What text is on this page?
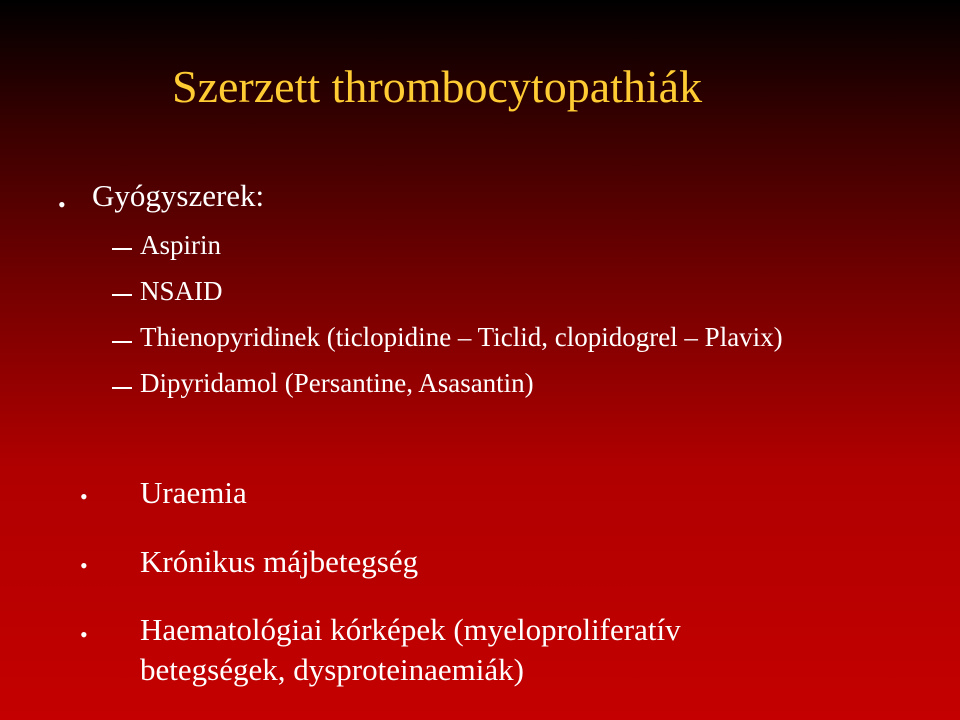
Szerzett thrombocytopathiák
• Gyógyszerek:
Aspirin
NSAID
Thienopyridinek (ticlopidine – Ticlid, clopidogrel – Plavix)
Dipyridamol (Persantine, Asasantin)
• Uraemia
• Krónikus májbetegség
• Haematológiai kórképek (myeloproliferatív
betegségek, dysproteinaemiák)
